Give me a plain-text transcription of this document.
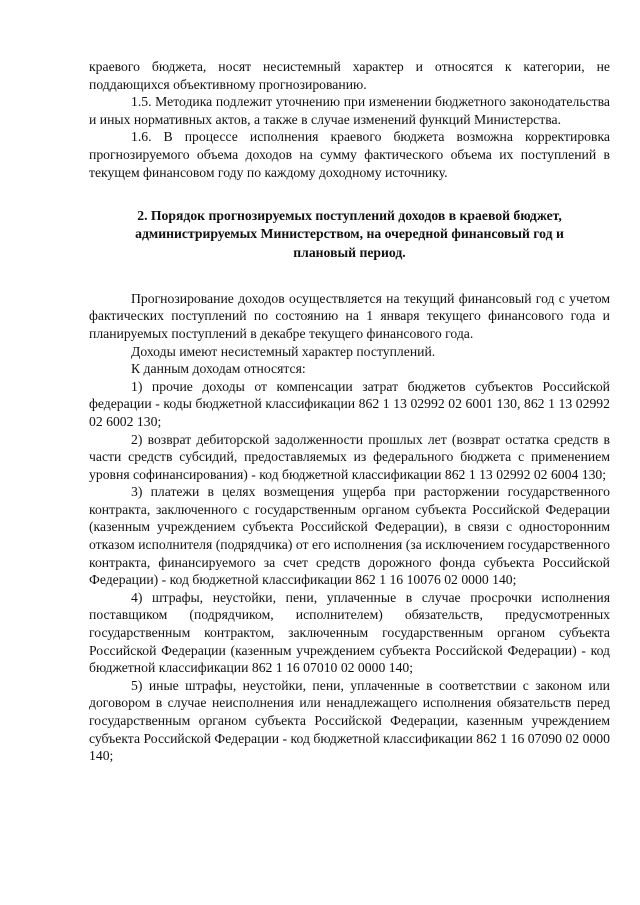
краевого бюджета, носят несистемный характер и относятся к категории, не поддающихся объективному прогнозированию.

1.5. Методика подлежит уточнению при изменении бюджетного законодательства и иных нормативных актов, а также в случае изменений функций Министерства.

1.6. В процессе исполнения краевого бюджета возможна корректировка прогнозируемого объема доходов на сумму фактического объема их поступлений в текущем финансовом году по каждому доходному источнику.

2. Порядок прогнозируемых поступлений доходов в краевой бюджет,
администрируемых Министерством, на очередной финансовый год и
плановый период.

Прогнозирование доходов осуществляется на текущий финансовый год с учетом фактических поступлений по состоянию на 1 января текущего финансового года и планируемых поступлений в декабре текущего финансового года.

Доходы имеют несистемный характер поступлений.

К данным доходам относятся:

1) прочие доходы от компенсации затрат бюджетов субъектов Российской федерации - коды бюджетной классификации 862 1 13 02992 02 6001 130, 862 1 13 02992 02 6002 130;

2) возврат дебиторской задолженности прошлых лет (возврат остатка средств в части средств субсидий, предоставляемых из федерального бюджета с применением уровня софинансирования) - код бюджетной классификации 862 1 13 02992 02 6004 130;

3) платежи в целях возмещения ущерба при расторжении государственного контракта, заключенного с государственным органом субъекта Российской Федерации (казенным учреждением субъекта Российской Федерации), в связи с односторонним отказом исполнителя (подрядчика) от его исполнения (за исключением государственного контракта, финансируемого за счет средств дорожного фонда субъекта Российской Федерации) - код бюджетной классификации 862 1 16 10076 02 0000 140;

4) штрафы, неустойки, пени, уплаченные в случае просрочки исполнения поставщиком (подрядчиком, исполнителем) обязательств, предусмотренных государственным контрактом, заключенным государственным органом субъекта Российской Федерации (казенным учреждением субъекта Российской Федерации) - код бюджетной классификации 862 1 16 07010 02 0000 140;

5) иные штрафы, неустойки, пени, уплаченные в соответствии с законом или договором в случае неисполнения или ненадлежащего исполнения обязательств перед государственным органом субъекта Российской Федерации, казенным учреждением субъекта Российской Федерации - код бюджетной классификации 862 1 16 07090 02 0000 140;
